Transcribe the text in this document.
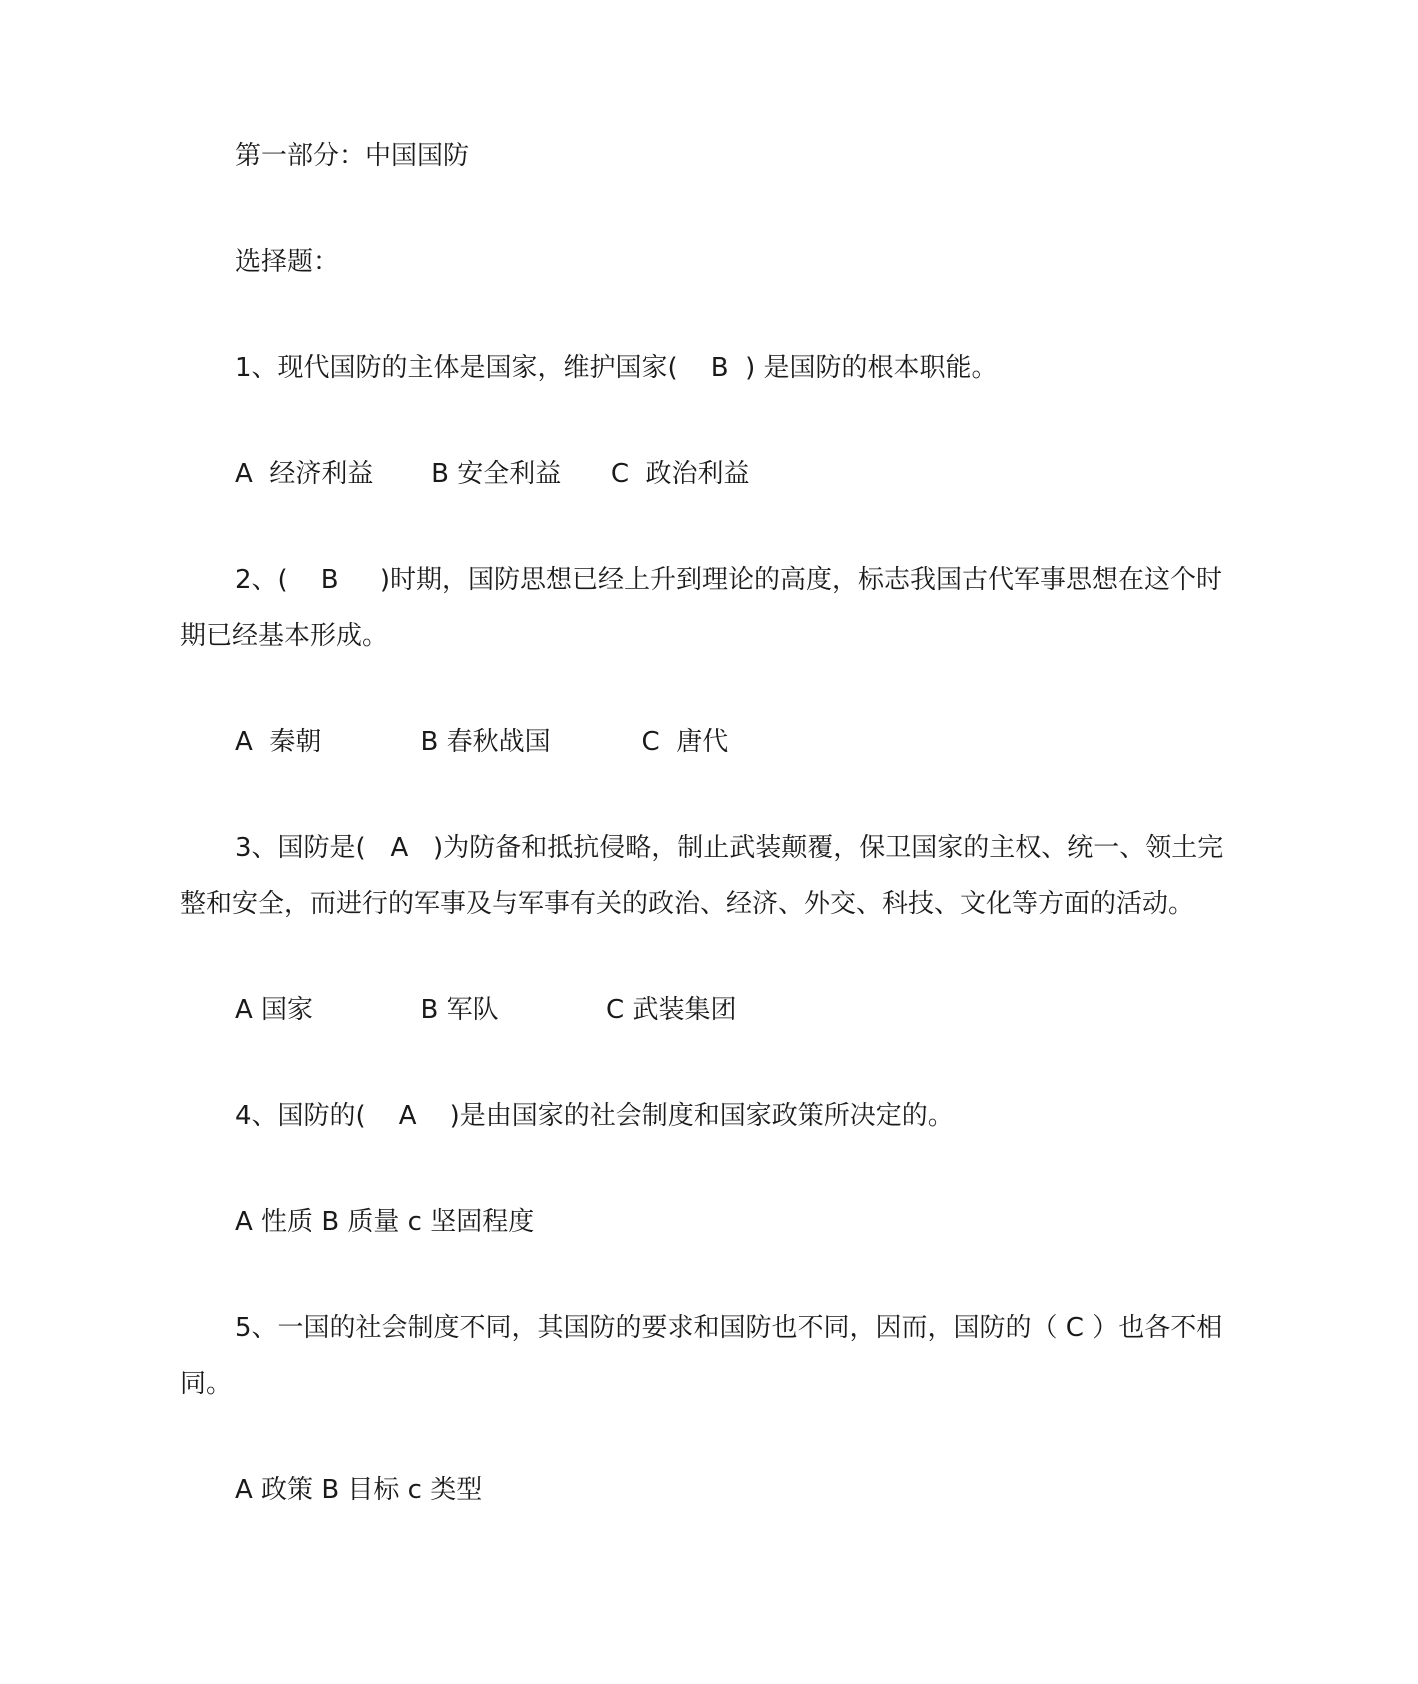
第一部分：中国国防

选择题：

1、现代国防的主体是国家，维护国家(    B  ) 是国防的根本职能。

A  经济利益       B 安全利益      C  政治利益

2、(    B     )时期，国防思想已经上升到理论的高度，标志我国古代军事思想在这个时期已经基本形成。

A  秦朝            B 春秋战国           C  唐代

3、国防是(   A   )为防备和抵抗侵略，制止武装颠覆，保卫国家的主权、统一、领土完整和安全，而进行的军事及与军事有关的政治、经济、外交、科技、文化等方面的活动。

A 国家             B 军队             C 武装集团

4、国防的(    A    )是由国家的社会制度和国家政策所决定的。

A 性质 B 质量 c 坚固程度

5、一国的社会制度不同，其国防的要求和国防也不同，因而，国防的（ C ）也各不相同。

A 政策 B 目标 c 类型
